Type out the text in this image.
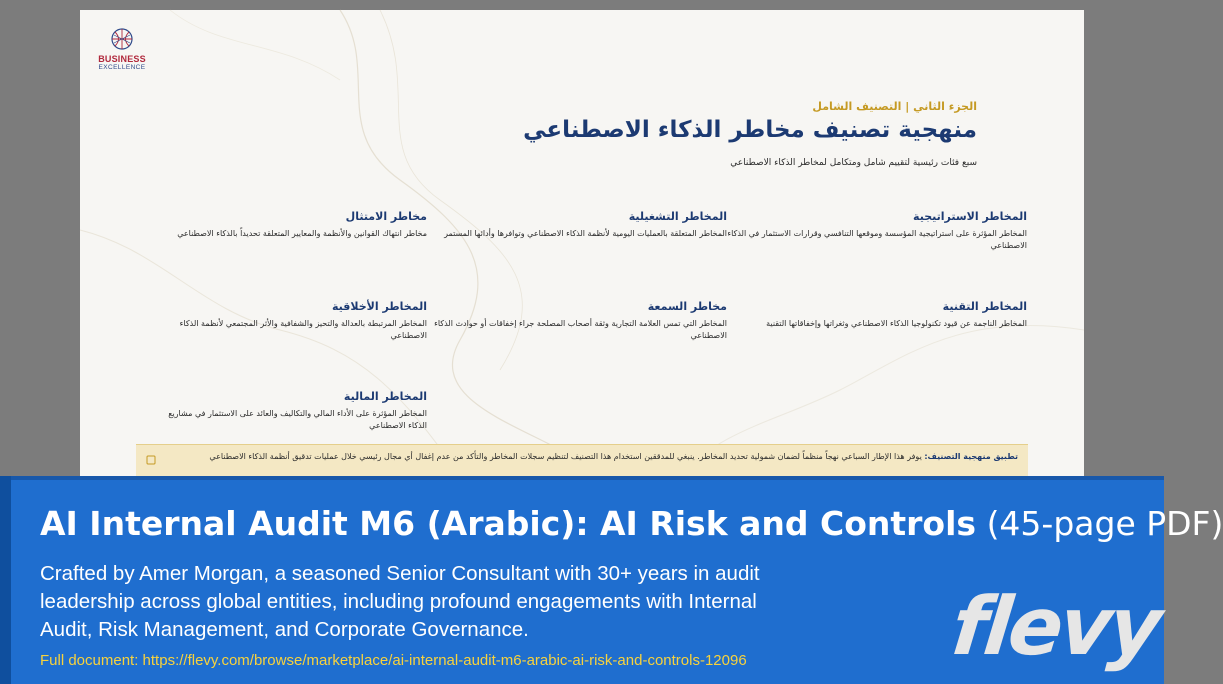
BUSINESS
EXCELLENCE
الجزء الثاني | التصنيف الشامل
منهجية تصنيف مخاطر الذكاء الاصطناعي
سبع فئات رئيسية لتقييم شامل ومتكامل لمخاطر الذكاء الاصطناعي
المخاطر الاستراتيجية
المخاطر المؤثرة على استراتيجية المؤسسة وموقعها التنافسي وقرارات الاستثمار في الذكاء الاصطناعي
المخاطر التشغيلية
المخاطر المتعلقة بالعمليات اليومية لأنظمة الذكاء الاصطناعي وتوافرها وأدائها المستمر
مخاطر الامتثال
مخاطر انتهاك القوانين والأنظمة والمعايير المتعلقة تحديداً بالذكاء الاصطناعي
المخاطر التقنية
المخاطر الناجمة عن قيود تكنولوجيا الذكاء الاصطناعي وثغراتها وإخفاقاتها التقنية
مخاطر السمعة
المخاطر التي تمس العلامة التجارية وثقة أصحاب المصلحة جراء إخفاقات أو حوادث الذكاء الاصطناعي
المخاطر الأخلاقية
المخاطر المرتبطة بالعدالة والتحيز والشفافية والأثر المجتمعي لأنظمة الذكاء الاصطناعي
المخاطر المالية
المخاطر المؤثرة على الأداء المالي والتكاليف والعائد على الاستثمار في مشاريع الذكاء الاصطناعي
تطبيق منهجية التصنيف: يوفر هذا الإطار السباعي نهجاً منظماً لضمان شمولية تحديد المخاطر. ينبغي للمدققين استخدام هذا التصنيف لتنظيم سجلات المخاطر والتأكد من عدم إغفال أي مجال رئيسي خلال عمليات تدقيق أنظمة الذكاء الاصطناعي
AI Internal Audit M6 (Arabic): AI Risk and Controls (45-page PDF)
Crafted by Amer Morgan, a seasoned Senior Consultant with 30+ years in audit leadership across global entities, including profound engagements with Internal Audit, Risk Management, and Corporate Governance.
Full document: https://flevy.com/browse/marketplace/ai-internal-audit-m6-arabic-ai-risk-and-controls-12096	flevy
